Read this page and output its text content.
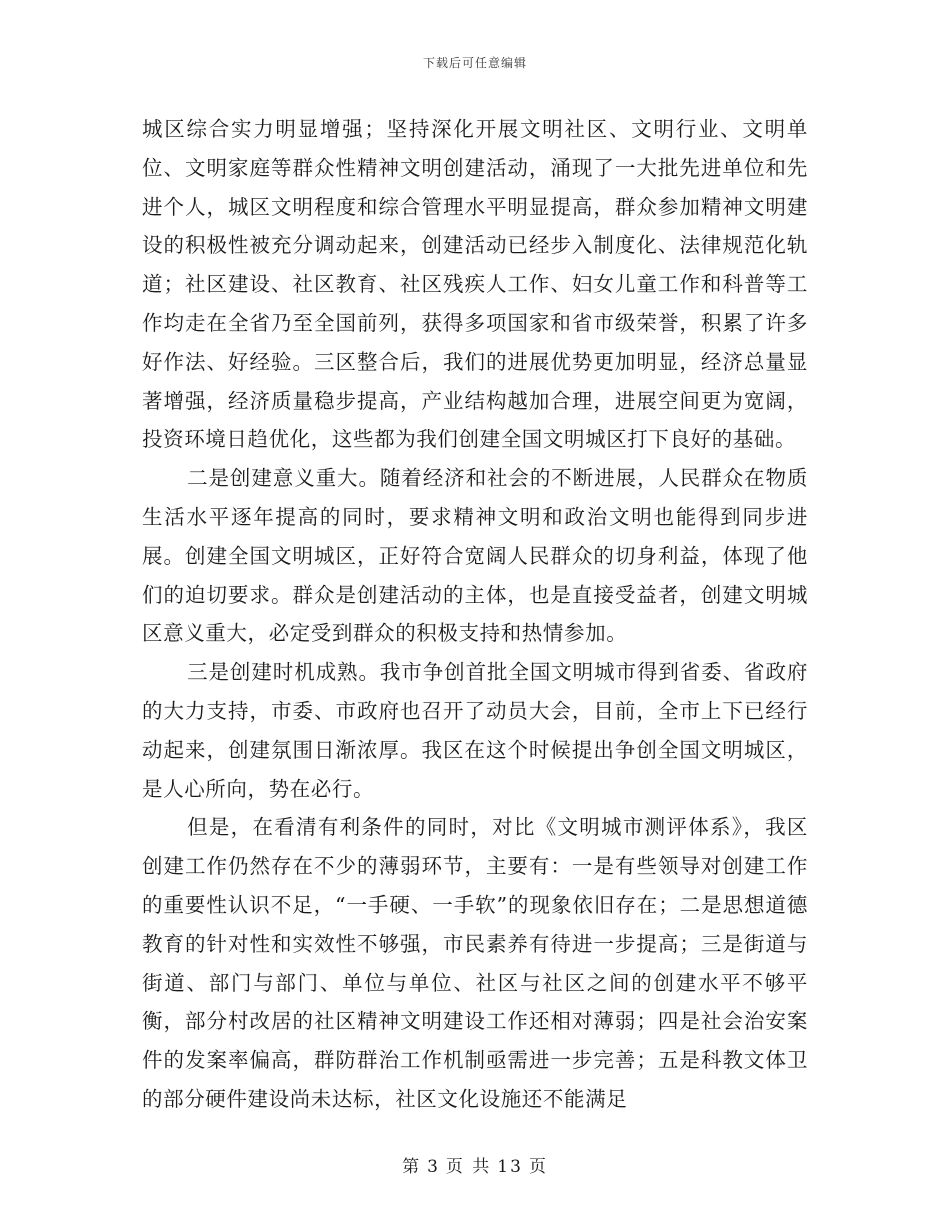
下载后可任意编辑

城区综合实力明显增强；坚持深化开展文明社区、文明行业、文明单位、文明家庭等群众性精神文明创建活动，涌现了一大批先进单位和先进个人，城区文明程度和综合管理水平明显提高，群众参加精神文明建设的积极性被充分调动起来，创建活动已经步入制度化、法律规范化轨道；社区建设、社区教育、社区残疾人工作、妇女儿童工作和科普等工作均走在全省乃至全国前列，获得多项国家和省市级荣誉，积累了许多好作法、好经验。三区整合后，我们的进展优势更加明显，经济总量显著增强，经济质量稳步提高，产业结构越加合理，进展空间更为宽阔，投资环境日趋优化，这些都为我们创建全国文明城区打下良好的基础。

二是创建意义重大。随着经济和社会的不断进展，人民群众在物质生活水平逐年提高的同时，要求精神文明和政治文明也能得到同步进展。创建全国文明城区，正好符合宽阔人民群众的切身利益，体现了他们的迫切要求。群众是创建活动的主体，也是直接受益者，创建文明城区意义重大，必定受到群众的积极支持和热情参加。

三是创建时机成熟。我市争创首批全国文明城市得到省委、省政府的大力支持，市委、市政府也召开了动员大会，目前，全市上下已经行动起来，创建氛围日渐浓厚。我区在这个时候提出争创全国文明城区，是人心所向，势在必行。

但是，在看清有利条件的同时，对比《文明城市测评体系》，我区创建工作仍然存在不少的薄弱环节，主要有：一是有些领导对创建工作的重要性认识不足，“一手硬、一手软”的现象依旧存在；二是思想道德教育的针对性和实效性不够强，市民素养有待进一步提高；三是街道与街道、部门与部门、单位与单位、社区与社区之间的创建水平不够平衡，部分村改居的社区精神文明建设工作还相对薄弱；四是社会治安案件的发案率偏高，群防群治工作机制亟需进一步完善；五是科教文体卫的部分硬件建设尚未达标，社区文化设施还不能满足

第 3 页 共 13 页
